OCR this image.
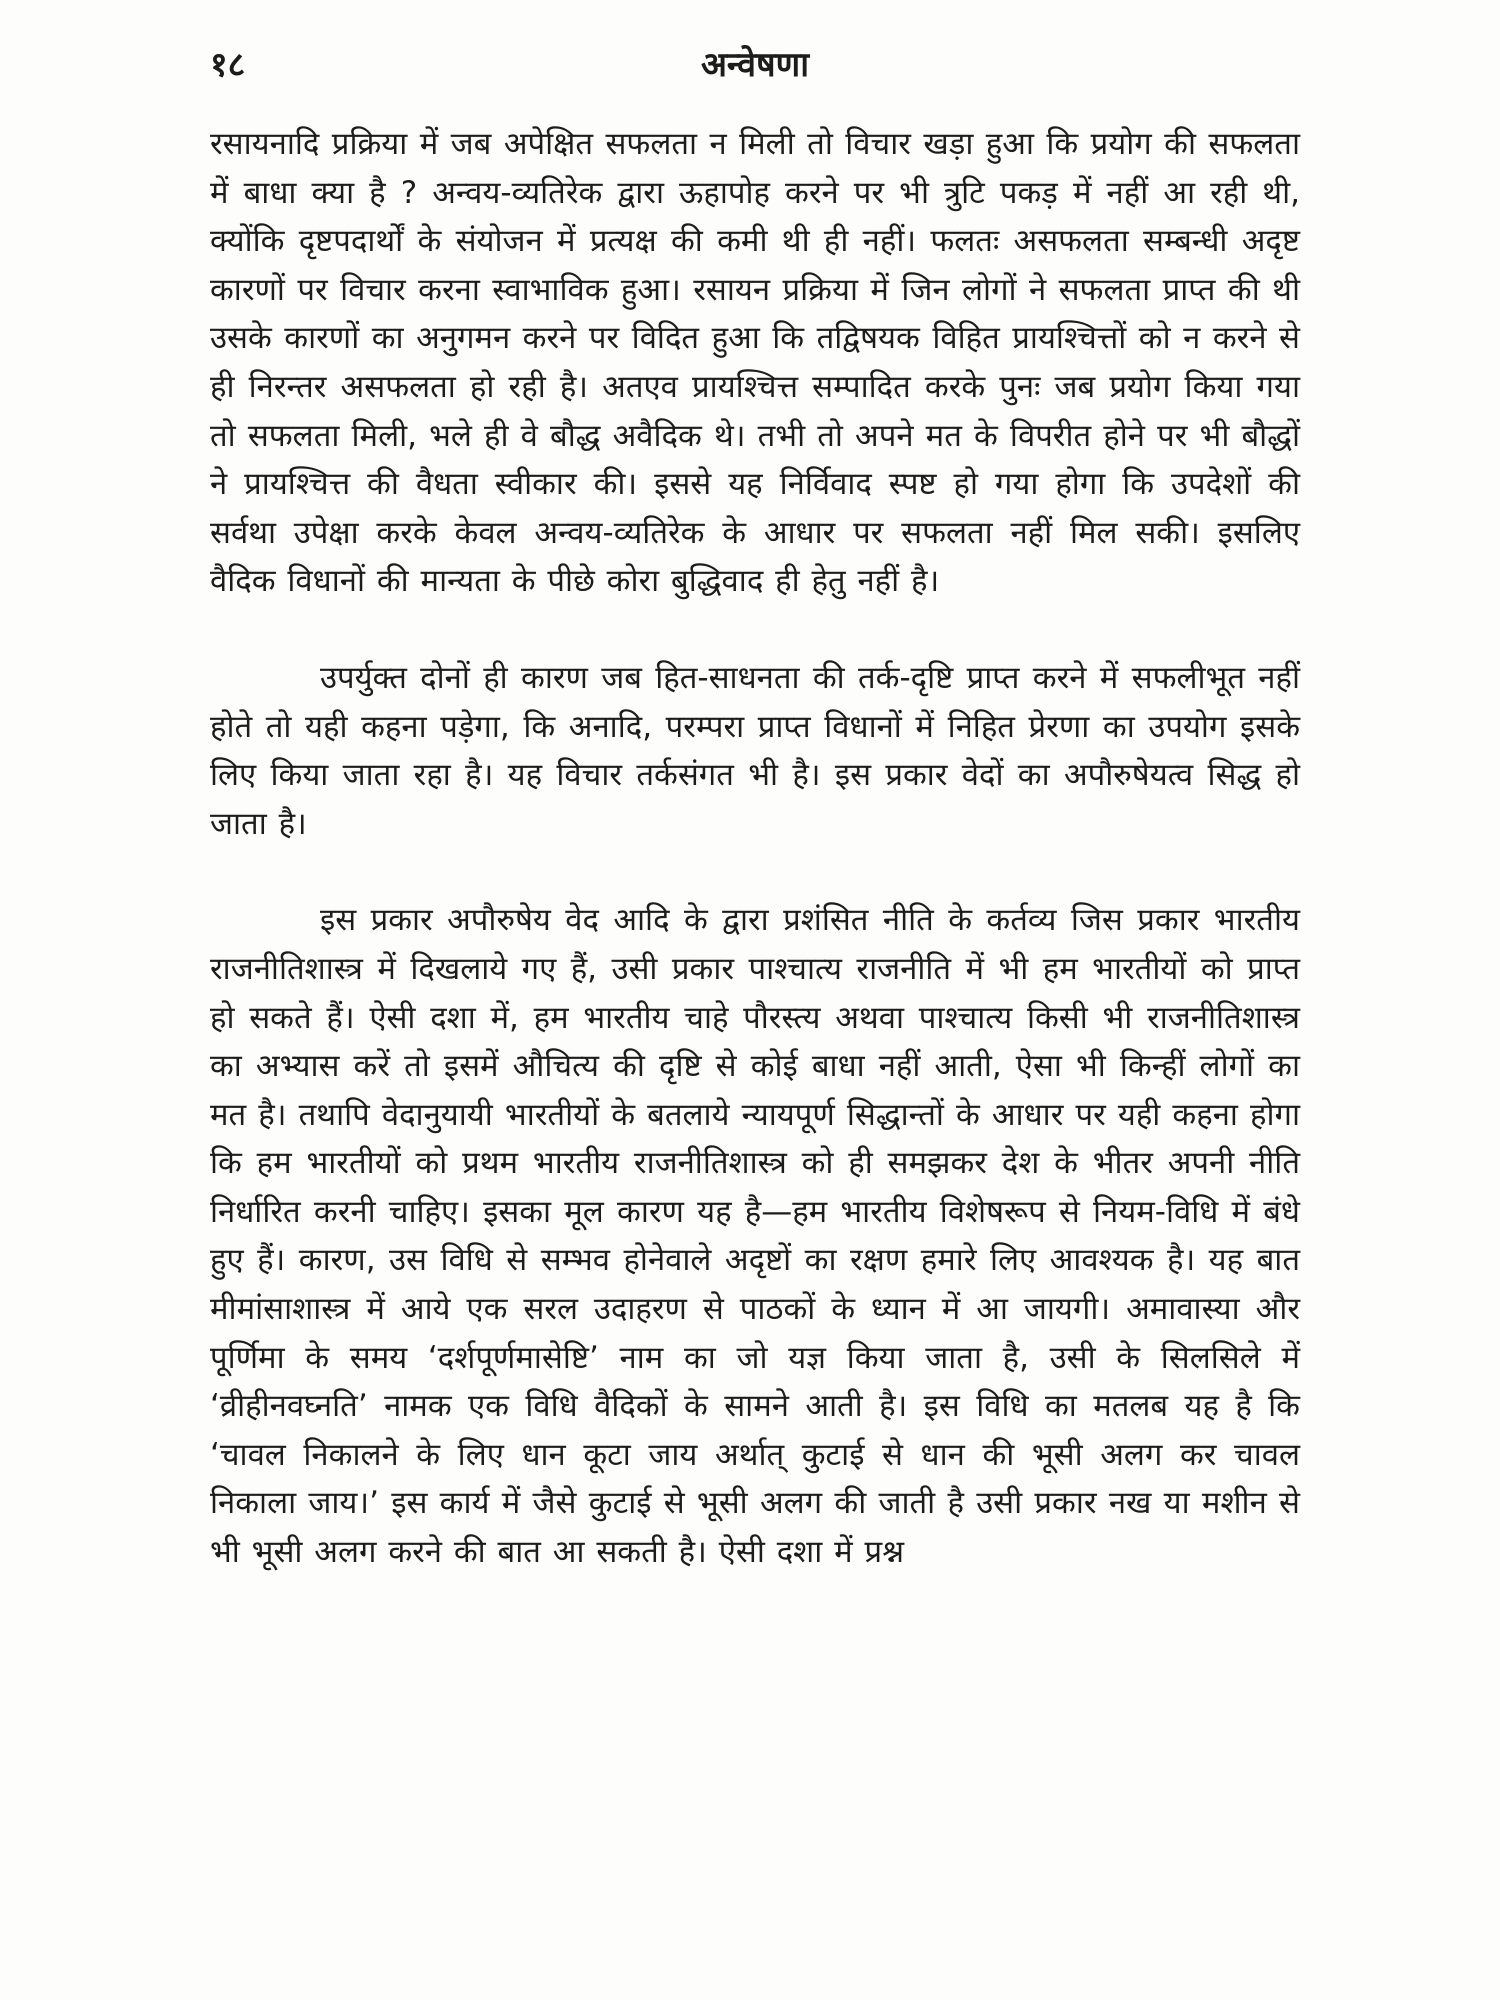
१८	अन्वेषणा

रसायनादि प्रक्रिया में जब अपेक्षित सफलता न मिली तो विचार खड़ा हुआ कि प्रयोग की सफलता में बाधा क्या है ? अन्वय-व्यतिरेक द्वारा ऊहापोह करने पर भी त्रुटि पकड़ में नहीं आ रही थी, क्योंकि दृष्टपदार्थों के संयोजन में प्रत्यक्ष की कमी थी ही नहीं। फलतः असफलता सम्बन्धी अदृष्ट कारणों पर विचार करना स्वाभाविक हुआ। रसायन प्रक्रिया में जिन लोगों ने सफलता प्राप्त की थी उसके कारणों का अनुगमन करने पर विदित हुआ कि तद्विषयक विहित प्रायश्चित्तों को न करने से ही निरन्तर असफलता हो रही है। अतएव प्रायश्चित्त सम्पादित करके पुनः जब प्रयोग किया गया तो सफलता मिली, भले ही वे बौद्ध अवैदिक थे। तभी तो अपने मत के विपरीत होने पर भी बौद्धों ने प्रायश्चित्त की वैधता स्वीकार की। इससे यह निर्विवाद स्पष्ट हो गया होगा कि उपदेशों की सर्वथा उपेक्षा करके केवल अन्वय-व्यतिरेक के आधार पर सफलता नहीं मिल सकी। इसलिए वैदिक विधानों की मान्यता के पीछे कोरा बुद्धिवाद ही हेतु नहीं है।

उपर्युक्त दोनों ही कारण जब हित-साधनता की तर्क-दृष्टि प्राप्त करने में सफलीभूत नहीं होते तो यही कहना पड़ेगा, कि अनादि, परम्परा प्राप्त विधानों में निहित प्रेरणा का उपयोग इसके लिए किया जाता रहा है। यह विचार तर्कसंगत भी है। इस प्रकार वेदों का अपौरुषेयत्व सिद्ध हो जाता है।

इस प्रकार अपौरुषेय वेद आदि के द्वारा प्रशंसित नीति के कर्तव्य जिस प्रकार भारतीय राजनीतिशास्त्र में दिखलाये गए हैं, उसी प्रकार पाश्चात्य राजनीति में भी हम भारतीयों को प्राप्त हो सकते हैं। ऐसी दशा में, हम भारतीय चाहे पौरस्त्य अथवा पाश्चात्य किसी भी राजनीतिशास्त्र का अभ्यास करें तो इसमें औचित्य की दृष्टि से कोई बाधा नहीं आती, ऐसा भी किन्हीं लोगों का मत है। तथापि वेदानुयायी भारतीयों के बतलाये न्यायपूर्ण सिद्धान्तों के आधार पर यही कहना होगा कि हम भारतीयों को प्रथम भारतीय राजनीतिशास्त्र को ही समझकर देश के भीतर अपनी नीति निर्धारित करनी चाहिए। इसका मूल कारण यह है—हम भारतीय विशेषरूप से नियम-विधि में बंधे हुए हैं। कारण, उस विधि से सम्भव होनेवाले अदृष्टों का रक्षण हमारे लिए आवश्यक है। यह बात मीमांसाशास्त्र में आये एक सरल उदाहरण से पाठकों के ध्यान में आ जायगी। अमावास्या और पूर्णिमा के समय ‘दर्शपूर्णमासेष्टि’ नाम का जो यज्ञ किया जाता है, उसी के सिलसिले में ‘व्रीहीनवघ्नति’ नामक एक विधि वैदिकों के सामने आती है। इस विधि का मतलब यह है कि ‘चावल निकालने के लिए धान कूटा जाय अर्थात् कुटाई से धान की भूसी अलग कर चावल निकाला जाय।’ इस कार्य में जैसे कुटाई से भूसी अलग की जाती है उसी प्रकार नख या मशीन से भी भूसी अलग करने की बात आ सकती है। ऐसी दशा में प्रश्न
